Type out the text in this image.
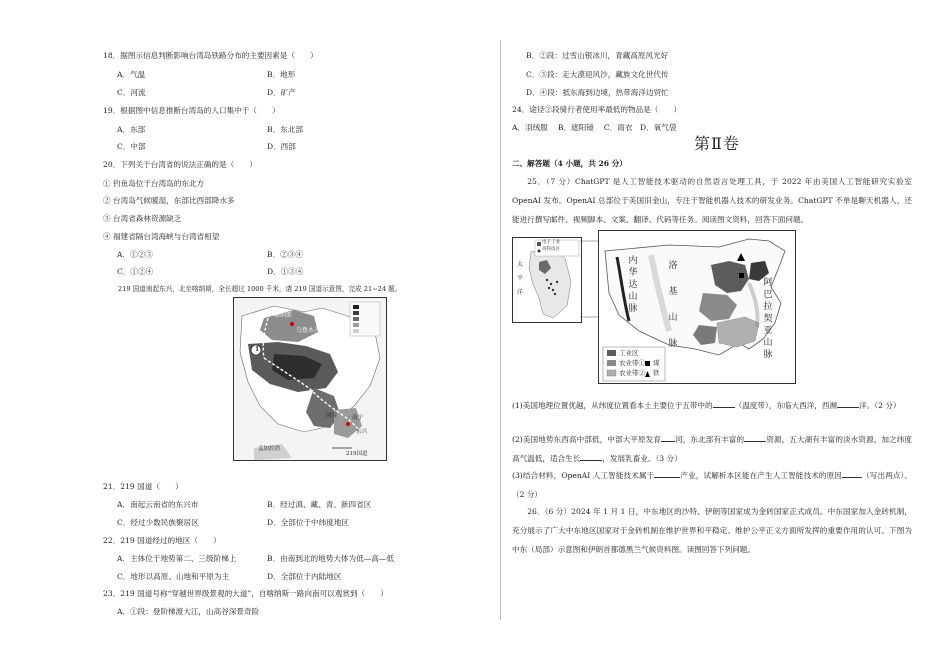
18．据图示信息判断影响台湾岛铁路分布的主要因素是（　　）
A．气温	B．地形
C．河流	D．矿产
19．根据图中信息推断台湾岛的人口集中于（　　）
A．东部	B．东北部
C．中部	D．西部
20．下列关于台湾省的说法正确的是（　　）
① 钓鱼岛位于台湾岛的东北方
② 台湾岛气候暖湿，东部比西部降水多
③ 台湾省森林资源缺乏
④ 福建省隔台湾海峡与台湾省相望
A．①②③	B．②③④
C．①②④	D．①③④
219 国道南起东兴，北至喀纳斯，全长超过 1000 千米，请 219 国道示意图，完成 21~24 题。
1
喀纳斯
乌鲁木齐
国境	南宁
东兴
孟加拉湾
219国道
21．219 国道（　　）
A．南起云南省的东兴市	B．经过滇、藏、青、新四省区
C．经过少数民族聚居区	D．全部位于中纬度地区
22．219 国道经过的地区（　　）
A．主体位于地势第二、三级阶梯上	B．由南到北的地势大体为低—高—低
C．地形以高原、山地和平原为主	D．全部位于内陆地区
23．219 国道号称“穿越世界级景观的大道”，自喀纳斯一路向南可以观赏到（　　）
A．①段：登阶梯渡大江，山高谷深景奇险
B．②段：过雪山银冰川，青藏高原风光好
C．③段：走大漠迎风沙，藏族文化世代传
D．④段：抵东海到边境，热带海洋边贸忙
24．途径②段骑行者使用率最低的物品是（　　）
A．羽绒服　 B．遮阳镜　 C．雨衣　D．氧气袋
第Ⅱ卷
二、解答题（4 小题，共 26 分）
25．（7 分）ChatGPT 是人工智能技术驱动的自然语言处理工具，于 2022 年由美国人工智能研究实验室 OpenAI 发布。OpenAI 总部位于美国旧金山，专注于智能机器人技术的研发业务。ChatGPT 不单是聊天机器人，还能进行撰写邮件、视频脚本、文案、翻译、代码等任务。阅读图文资料，回答下面问题。
电子工业
高科技区
太
平
洋
内华达山脉
洛基山脉
阿巴拉契亚山脉
工业区
农业带①
农业带②
煤
铁
(1)美国地理位置优越，从纬度位置看本土主要位于五带中的	（温度带），东临大西洋，西濒	洋。（2 分）
(2)美国地势东西高中部低，中部大平原发育 河，东北部有丰富的	资源，五大湖有丰富的淡水资源，加之纬度高气温低，适合生长	，发展乳畜业。（3 分）
(3)结合材料，OpenAI 人工智能技术属于	产业，试解析本区能在产生人工智能技术的原因	（写出两点）。（2 分）
26．（6 分）2024 年 1 月 1 日，中东地区的沙特、伊朗等国家成为金砖国家正式成员。中东国家加入金砖机制，充分展示了广大中东地区国家对于金砖机制在维护世界和平稳定、维护公平正义方面所发挥的重要作用的认可。下图为中东（局部）示意图和伊朗首都德黑兰气候资料图。读图回答下列问题。
